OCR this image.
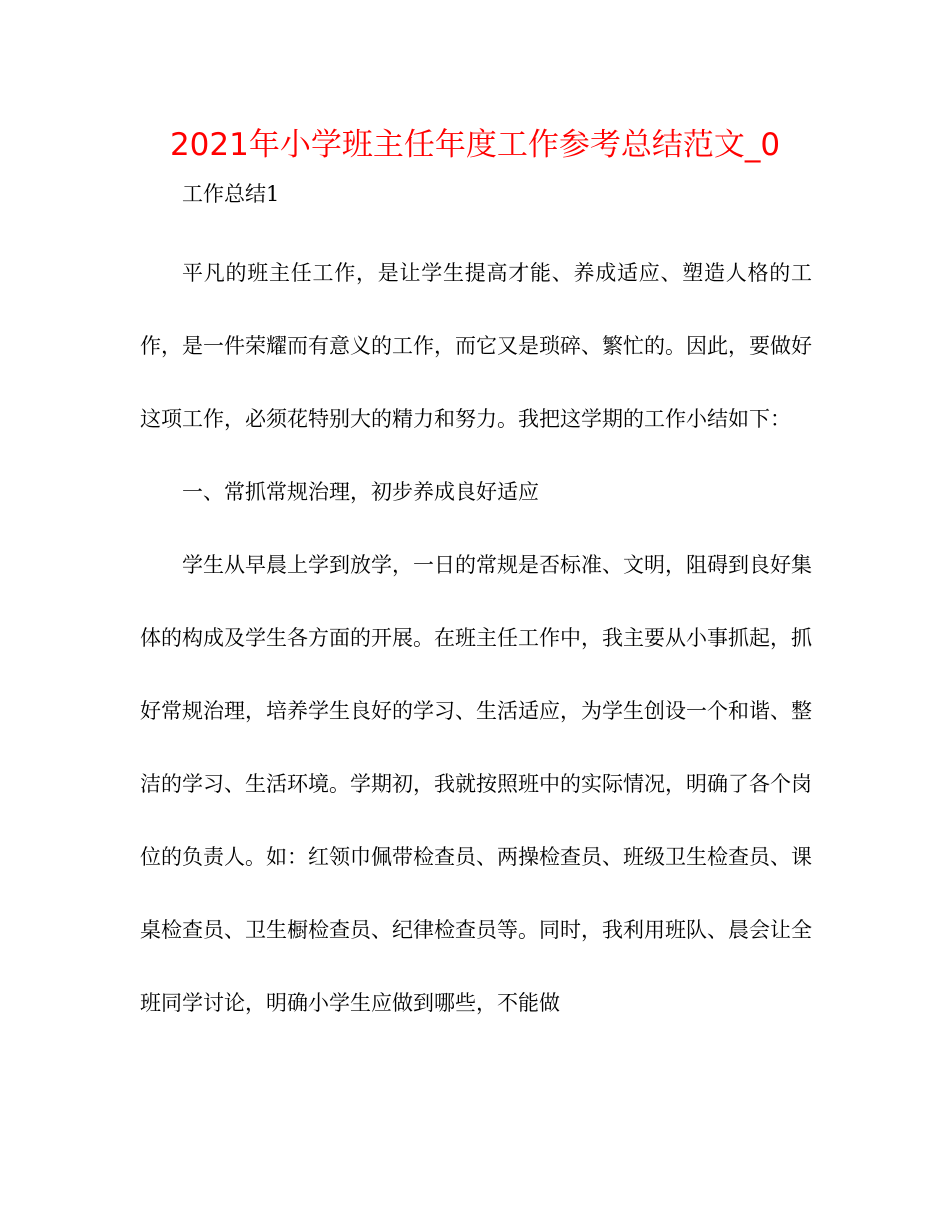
2021年小学班主任年度工作参考总结范文_0

工作总结1

平凡的班主任工作，是让学生提高才能、养成适应、塑造人格的工作，是一件荣耀而有意义的工作，而它又是琐碎、繁忙的。因此，要做好这项工作，必须花特别大的精力和努力。我把这学期的工作小结如下：

一、常抓常规治理，初步养成良好适应

学生从早晨上学到放学，一日的常规是否标准、文明，阻碍到良好集体的构成及学生各方面的开展。在班主任工作中，我主要从小事抓起，抓好常规治理，培养学生良好的学习、生活适应，为学生创设一个和谐、整洁的学习、生活环境。学期初，我就按照班中的实际情况，明确了各个岗位的负责人。如：红领巾佩带检查员、两操检查员、班级卫生检查员、课桌检查员、卫生橱检查员、纪律检查员等。同时，我利用班队、晨会让全班同学讨论，明确小学生应做到哪些，不能做
